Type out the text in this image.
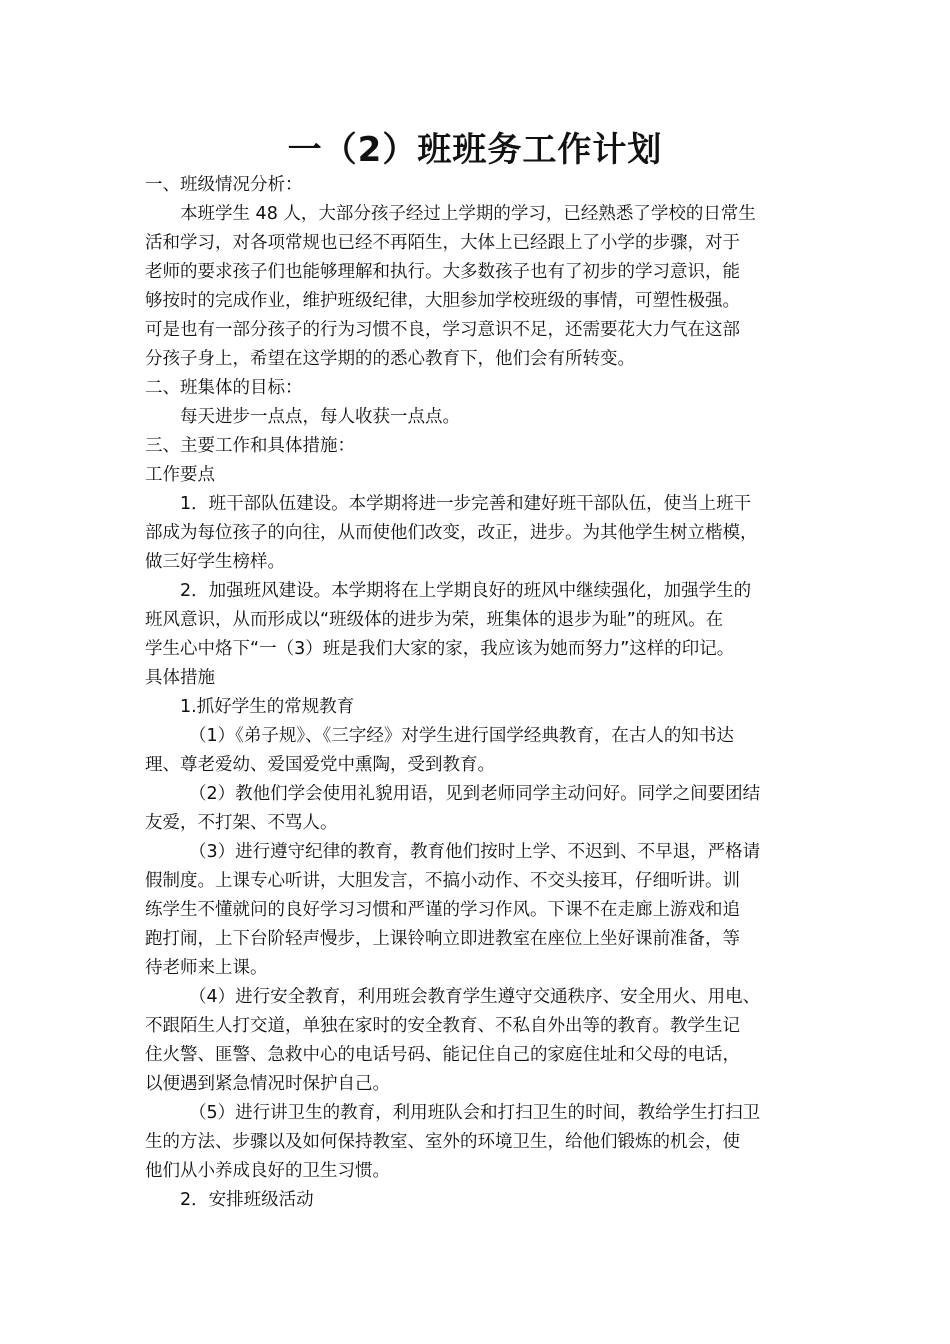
一（2）班班务工作计划
一、班级情况分析：
本班学生 48 人，大部分孩子经过上学期的学习，已经熟悉了学校的日常生
活和学习，对各项常规也已经不再陌生，大体上已经跟上了小学的步骤，对于
老师的要求孩子们也能够理解和执行。大多数孩子也有了初步的学习意识，能
够按时的完成作业，维护班级纪律，大胆参加学校班级的事情，可塑性极强。
可是也有一部分孩子的行为习惯不良，学习意识不足，还需要花大力气在这部
分孩子身上，希望在这学期的的悉心教育下，他们会有所转变。
二、班集体的目标：
每天进步一点点，每人收获一点点。
三、主要工作和具体措施：
工作要点
1．班干部队伍建设。本学期将进一步完善和建好班干部队伍，使当上班干
部成为每位孩子的向往，从而使他们改变，改正，进步。为其他学生树立楷模，
做三好学生榜样。
2．加强班风建设。本学期将在上学期良好的班风中继续强化，加强学生的
班风意识，从而形成以“班级体的进步为荣，班集体的退步为耻”的班风。在
学生心中烙下“一（3）班是我们大家的家，我应该为她而努力”这样的印记。
具体措施
1.抓好学生的常规教育
（1）《弟子规》、《三字经》对学生进行国学经典教育，在古人的知书达
理、尊老爱幼、爱国爱党中熏陶，受到教育。
（2）教他们学会使用礼貌用语，见到老师同学主动问好。同学之间要团结
友爱，不打架、不骂人。
（3）进行遵守纪律的教育，教育他们按时上学、不迟到、不早退，严格请
假制度。上课专心听讲，大胆发言，不搞小动作、不交头接耳，仔细听讲。训
练学生不懂就问的良好学习习惯和严谨的学习作风。下课不在走廊上游戏和追
跑打闹，上下台阶轻声慢步，上课铃响立即进教室在座位上坐好课前准备，等
待老师来上课。
（4）进行安全教育，利用班会教育学生遵守交通秩序、安全用火、用电、
不跟陌生人打交道，单独在家时的安全教育、不私自外出等的教育。教学生记
住火警、匪警、急救中心的电话号码、能记住自己的家庭住址和父母的电话，
以便遇到紧急情况时保护自己。
（5）进行讲卫生的教育，利用班队会和打扫卫生的时间，教给学生打扫卫
生的方法、步骤以及如何保持教室、室外的环境卫生，给他们锻炼的机会，使
他们从小养成良好的卫生习惯。
2．安排班级活动
